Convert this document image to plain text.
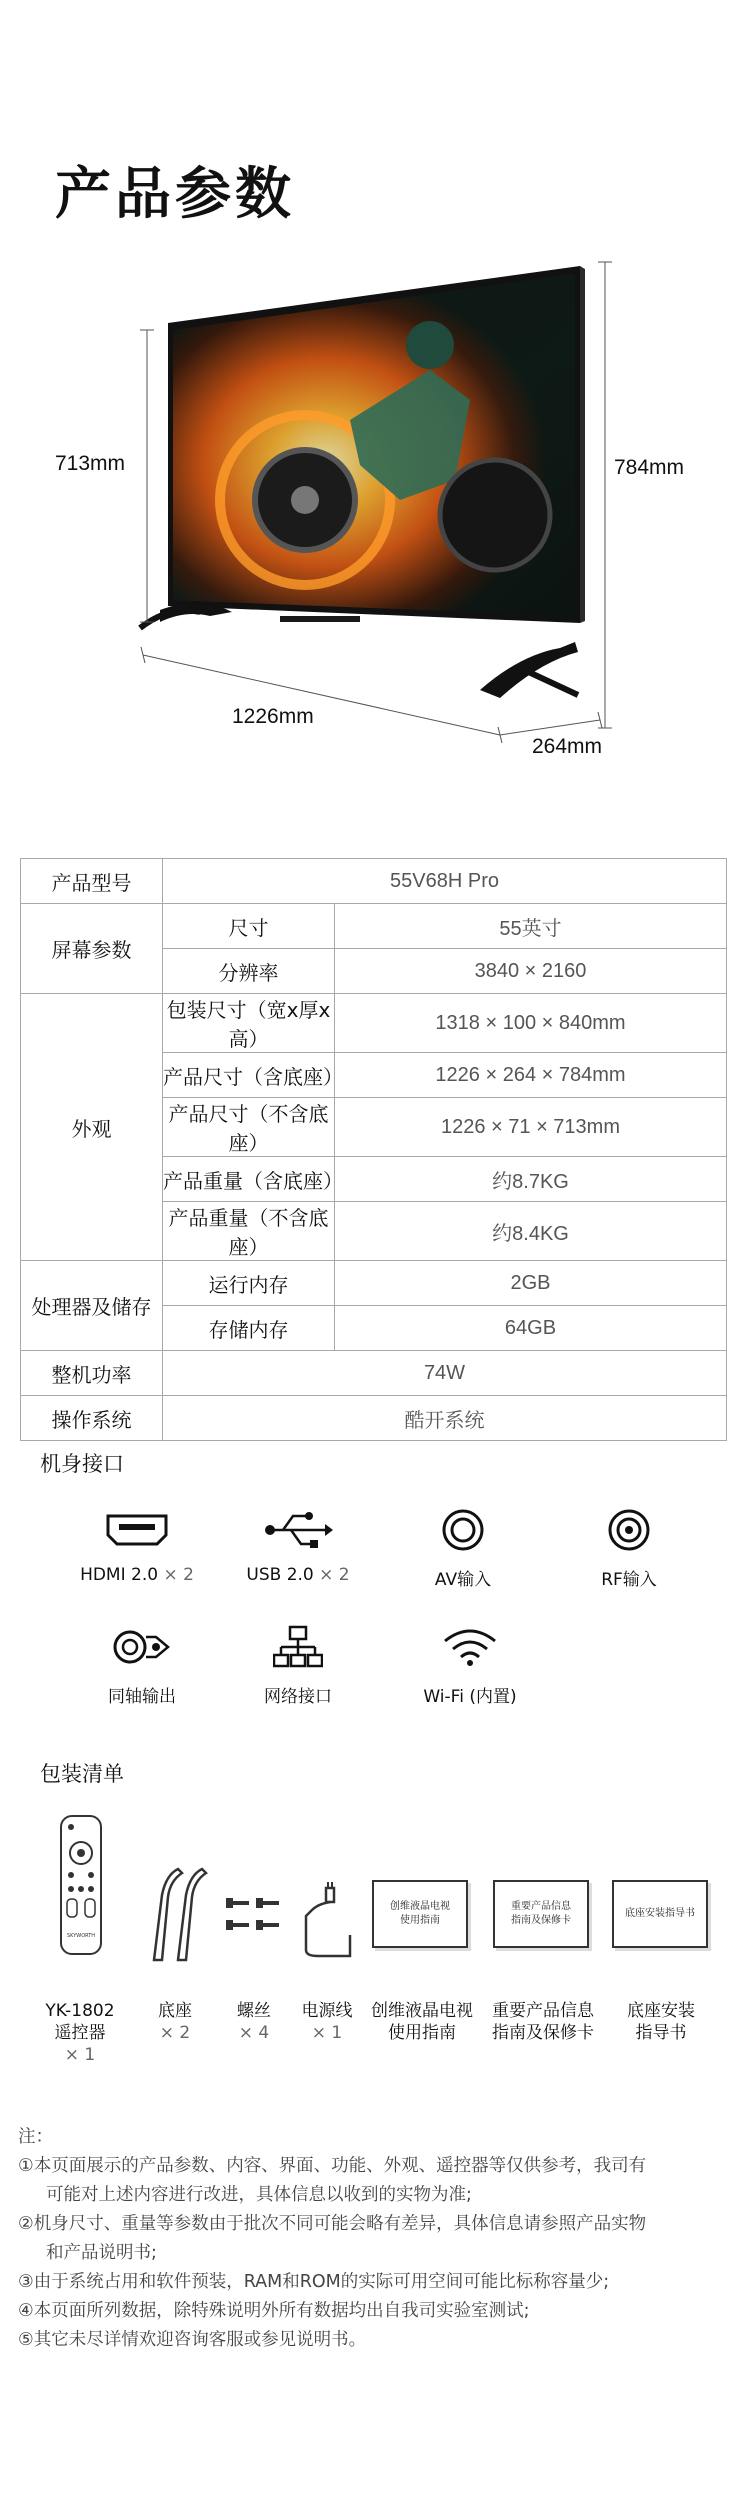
产品参数
713mm	784mm
1226mm
264mm
产品型号	55V68H Pro	
屏幕参数	尺寸	55英寸
	分辨率	3840 × 2160
外观	包装尺寸（宽x厚x高）	1318 × 100 × 840mm
	产品尺寸（含底座）	1226 × 264 × 784mm
	产品尺寸（不含底座）	1226 × 71 × 713mm
	产品重量（含底座）	约8.7KG
	产品重量（不含底座）	约8.4KG
处理器及储存	运行内存	2GB
	存储内存	64GB
整机功率	74W	
操作系统	酷开系统	
机身接口
HDMI 2.0 × 2	USB 2.0 × 2	AV输入	RF输入
同轴输出	网络接口	Wi-Fi (内置)
包装清单
SKYWORTH
创维液晶电视
使用指南
重要产品信息
指南及保修卡
底座安装指导书
YK-1802
遥控器
× 1
底座
× 2
螺丝
× 4
电源线
× 1
创维液晶电视
使用指南
重要产品信息
指南及保修卡
底座安装
指导书
注：
①本页面展示的产品参数、内容、界面、功能、外观、遥控器等仅供参考，我司有
可能对上述内容进行改进，具体信息以收到的实物为准;
②机身尺寸、重量等参数由于批次不同可能会略有差异，具体信息请参照产品实物
和产品说明书;
③由于系统占用和软件预装，RAM和ROM的实际可用空间可能比标称容量少;
④本页面所列数据，除特殊说明外所有数据均出自我司实验室测试;
⑤其它未尽详情欢迎咨询客服或参见说明书。
